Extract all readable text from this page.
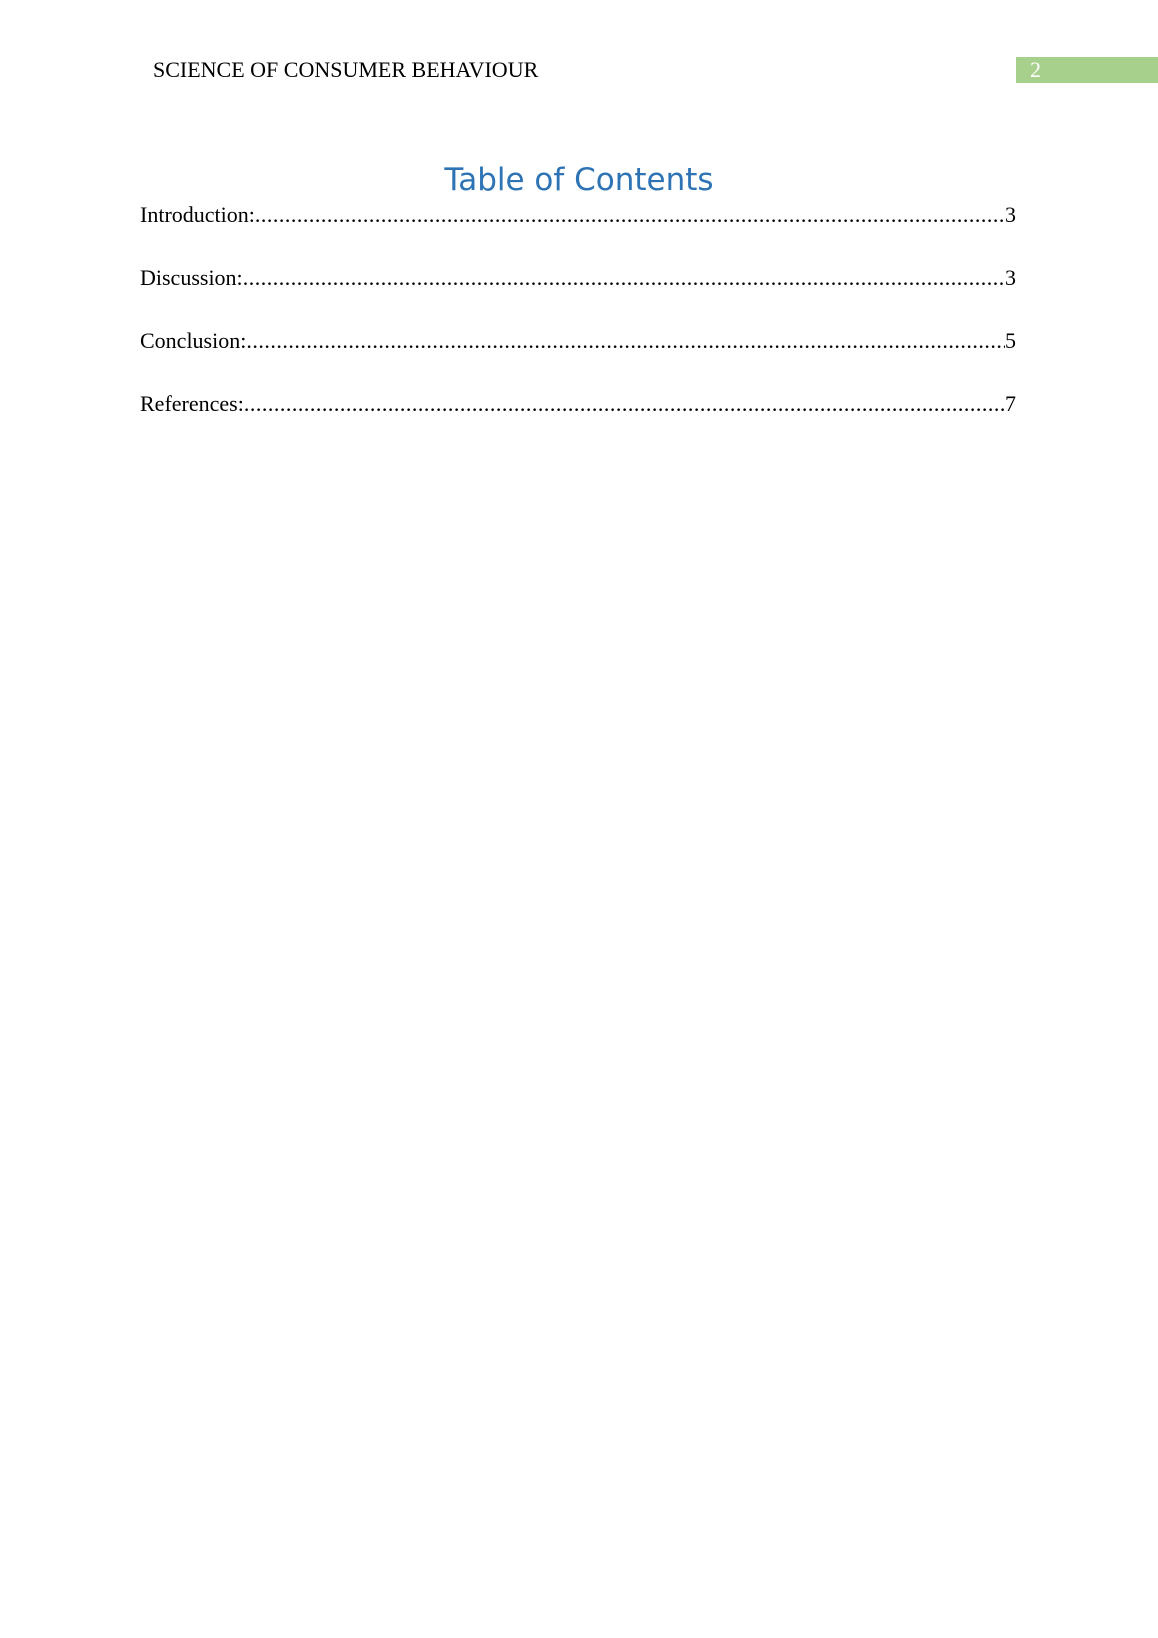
SCIENCE OF CONSUMER BEHAVIOUR	2
Table of Contents
Introduction: .....	3
Discussion: .....	3
Conclusion: .....	5
References: .....	7
